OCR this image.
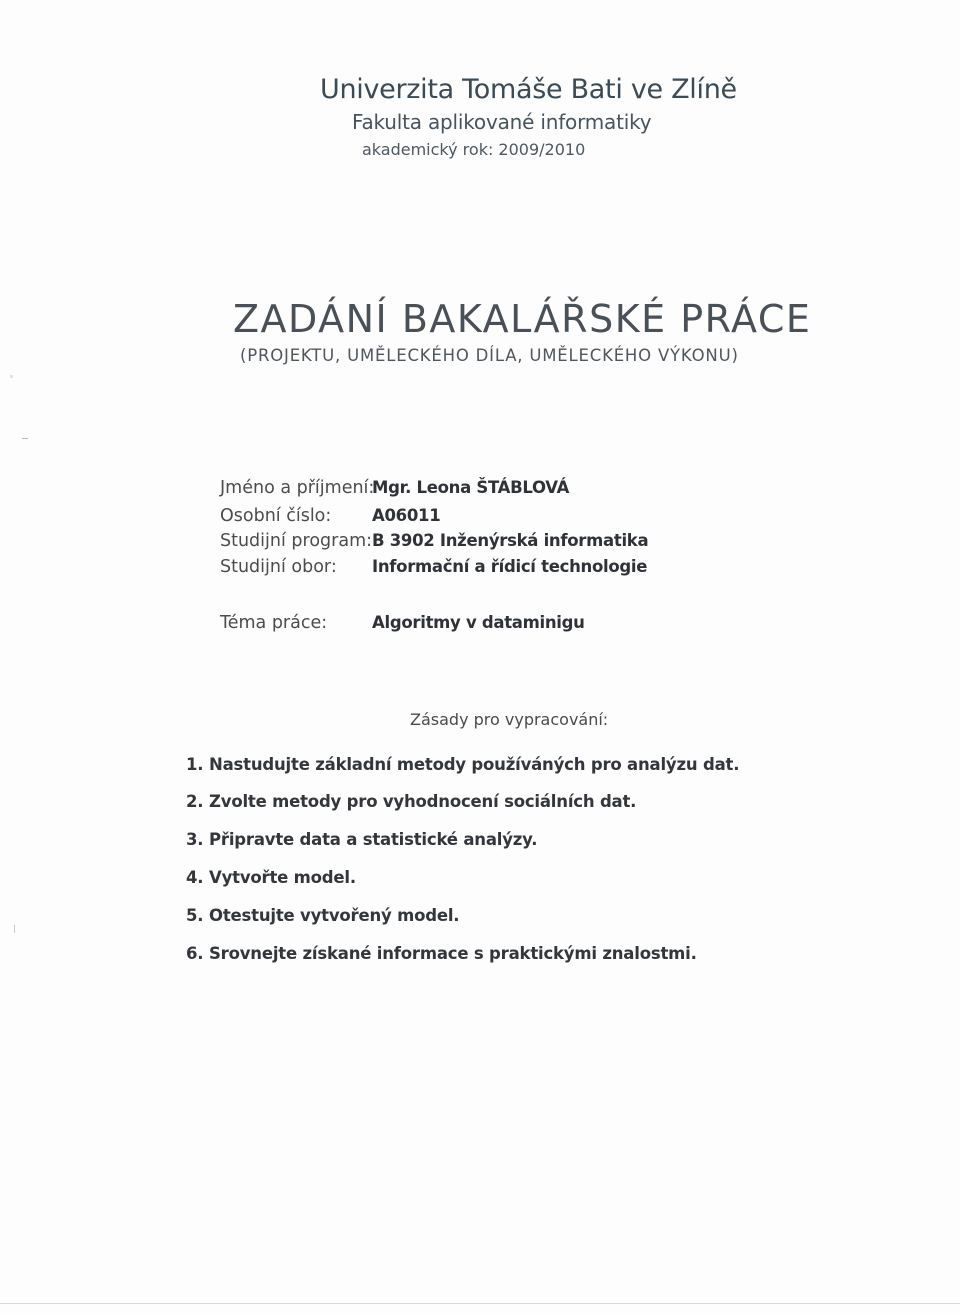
Univerzita Tomáše Bati ve Zlíně
Fakulta aplikované informatiky
akademický rok: 2009/2010
ZADÁNÍ BAKALÁŘSKÉ PRÁCE
(PROJEKTU, UMĚLECKÉHO DÍLA, UMĚLECKÉHO VÝKONU)
Jméno a příjmení:
Mgr. Leona ŠTÁBLOVÁ
Osobní číslo: A06011
Studijní program: B 3902 Inženýrská informatika
Studijní obor: Informační a řídicí technologie
Téma práce:	Algoritmy v dataminigu
Zásady pro vypracování:
1. Nastudujte základní metody používáných pro analýzu dat.
2. Zvolte metody pro vyhodnocení sociálních dat.
3. Připravte data a statistické analýzy.
4. Vytvořte model.
5. Otestujte vytvořený model.
6. Srovnejte získané informace s praktickými znalostmi.
